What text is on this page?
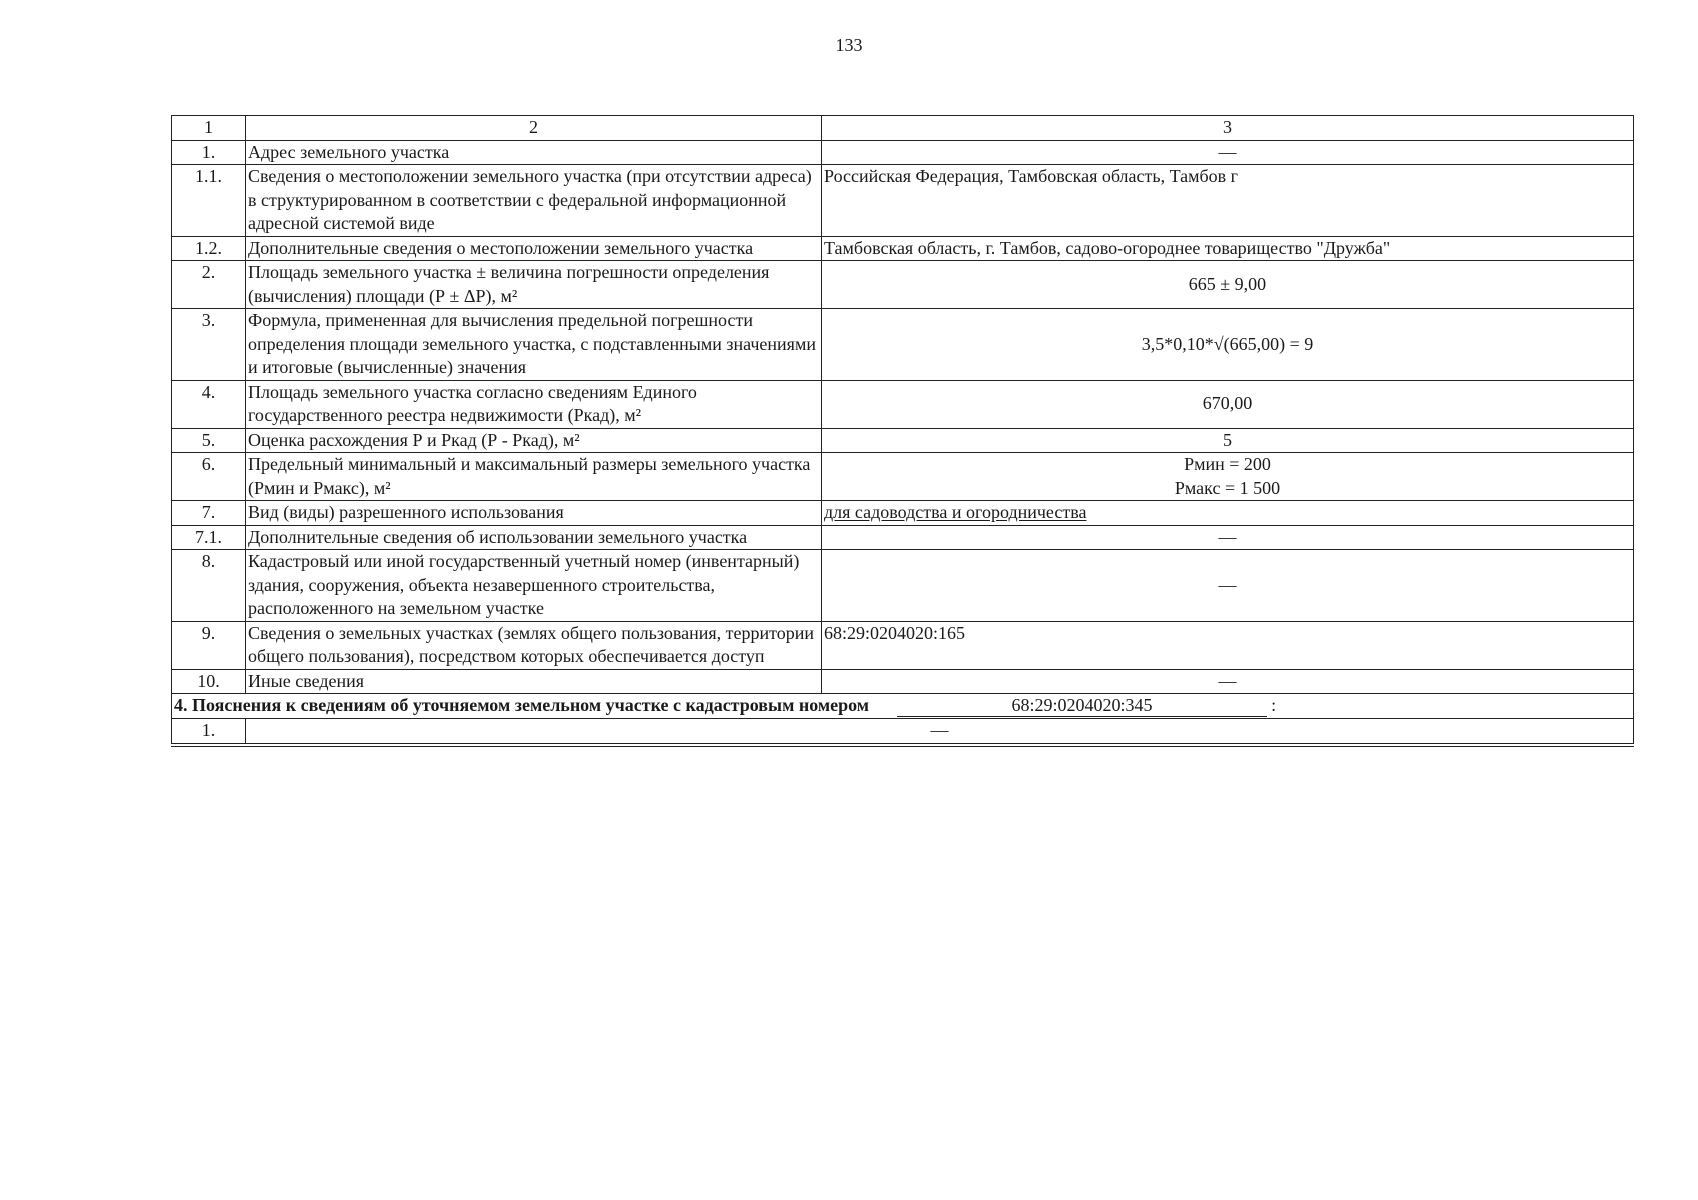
133
1	2	3
1.	Адрес земельного участка	—
1.1.	Сведения о местоположении земельного участка (при отсутствии адреса) в структурированном в соответствии с федеральной информационной адресной системой виде	Российская Федерация, Тамбовская область, Тамбов г
1.2.	Дополнительные сведения о местоположении земельного участка	Тамбовская область, г. Тамбов, садово-огороднее товарищество "Дружба"
2.	Площадь земельного участка ± величина погрешности определения (вычисления) площади (Р ± ΔР), м²	665 ± 9,00
3.	Формула, примененная для вычисления предельной погрешности определения площади земельного участка, с подставленными значениями и итоговые (вычисленные) значения	3,5*0,10*√(665,00) = 9
4.	Площадь земельного участка согласно сведениям Единого государственного реестра недвижимости (Ркад), м²	670,00
5.	Оценка расхождения Р и Ркад (Р - Ркад), м²	5
6.	Предельный минимальный и максимальный размеры земельного участка (Рмин и Рмакс), м²	Рмин = 200
Рмакс = 1 500

7.	Вид (виды) разрешенного использования	для садоводства и огородничества
7.1.	Дополнительные сведения об использовании земельного участка	—
8.	Кадастровый или иной государственный учетный номер (инвентарный) здания, сооружения, объекта незавершенного строительства, расположенного на земельном участке	—
9.	Сведения о земельных участках (землях общего пользования, территории общего пользования), посредством которых обеспечивается доступ	68:29:0204020:165
10.	Иные сведения	—
4. Пояснения к сведениям об уточняемом земельном участке с кадастровым номером 68:29:0204020:345 :		
1.	—	
